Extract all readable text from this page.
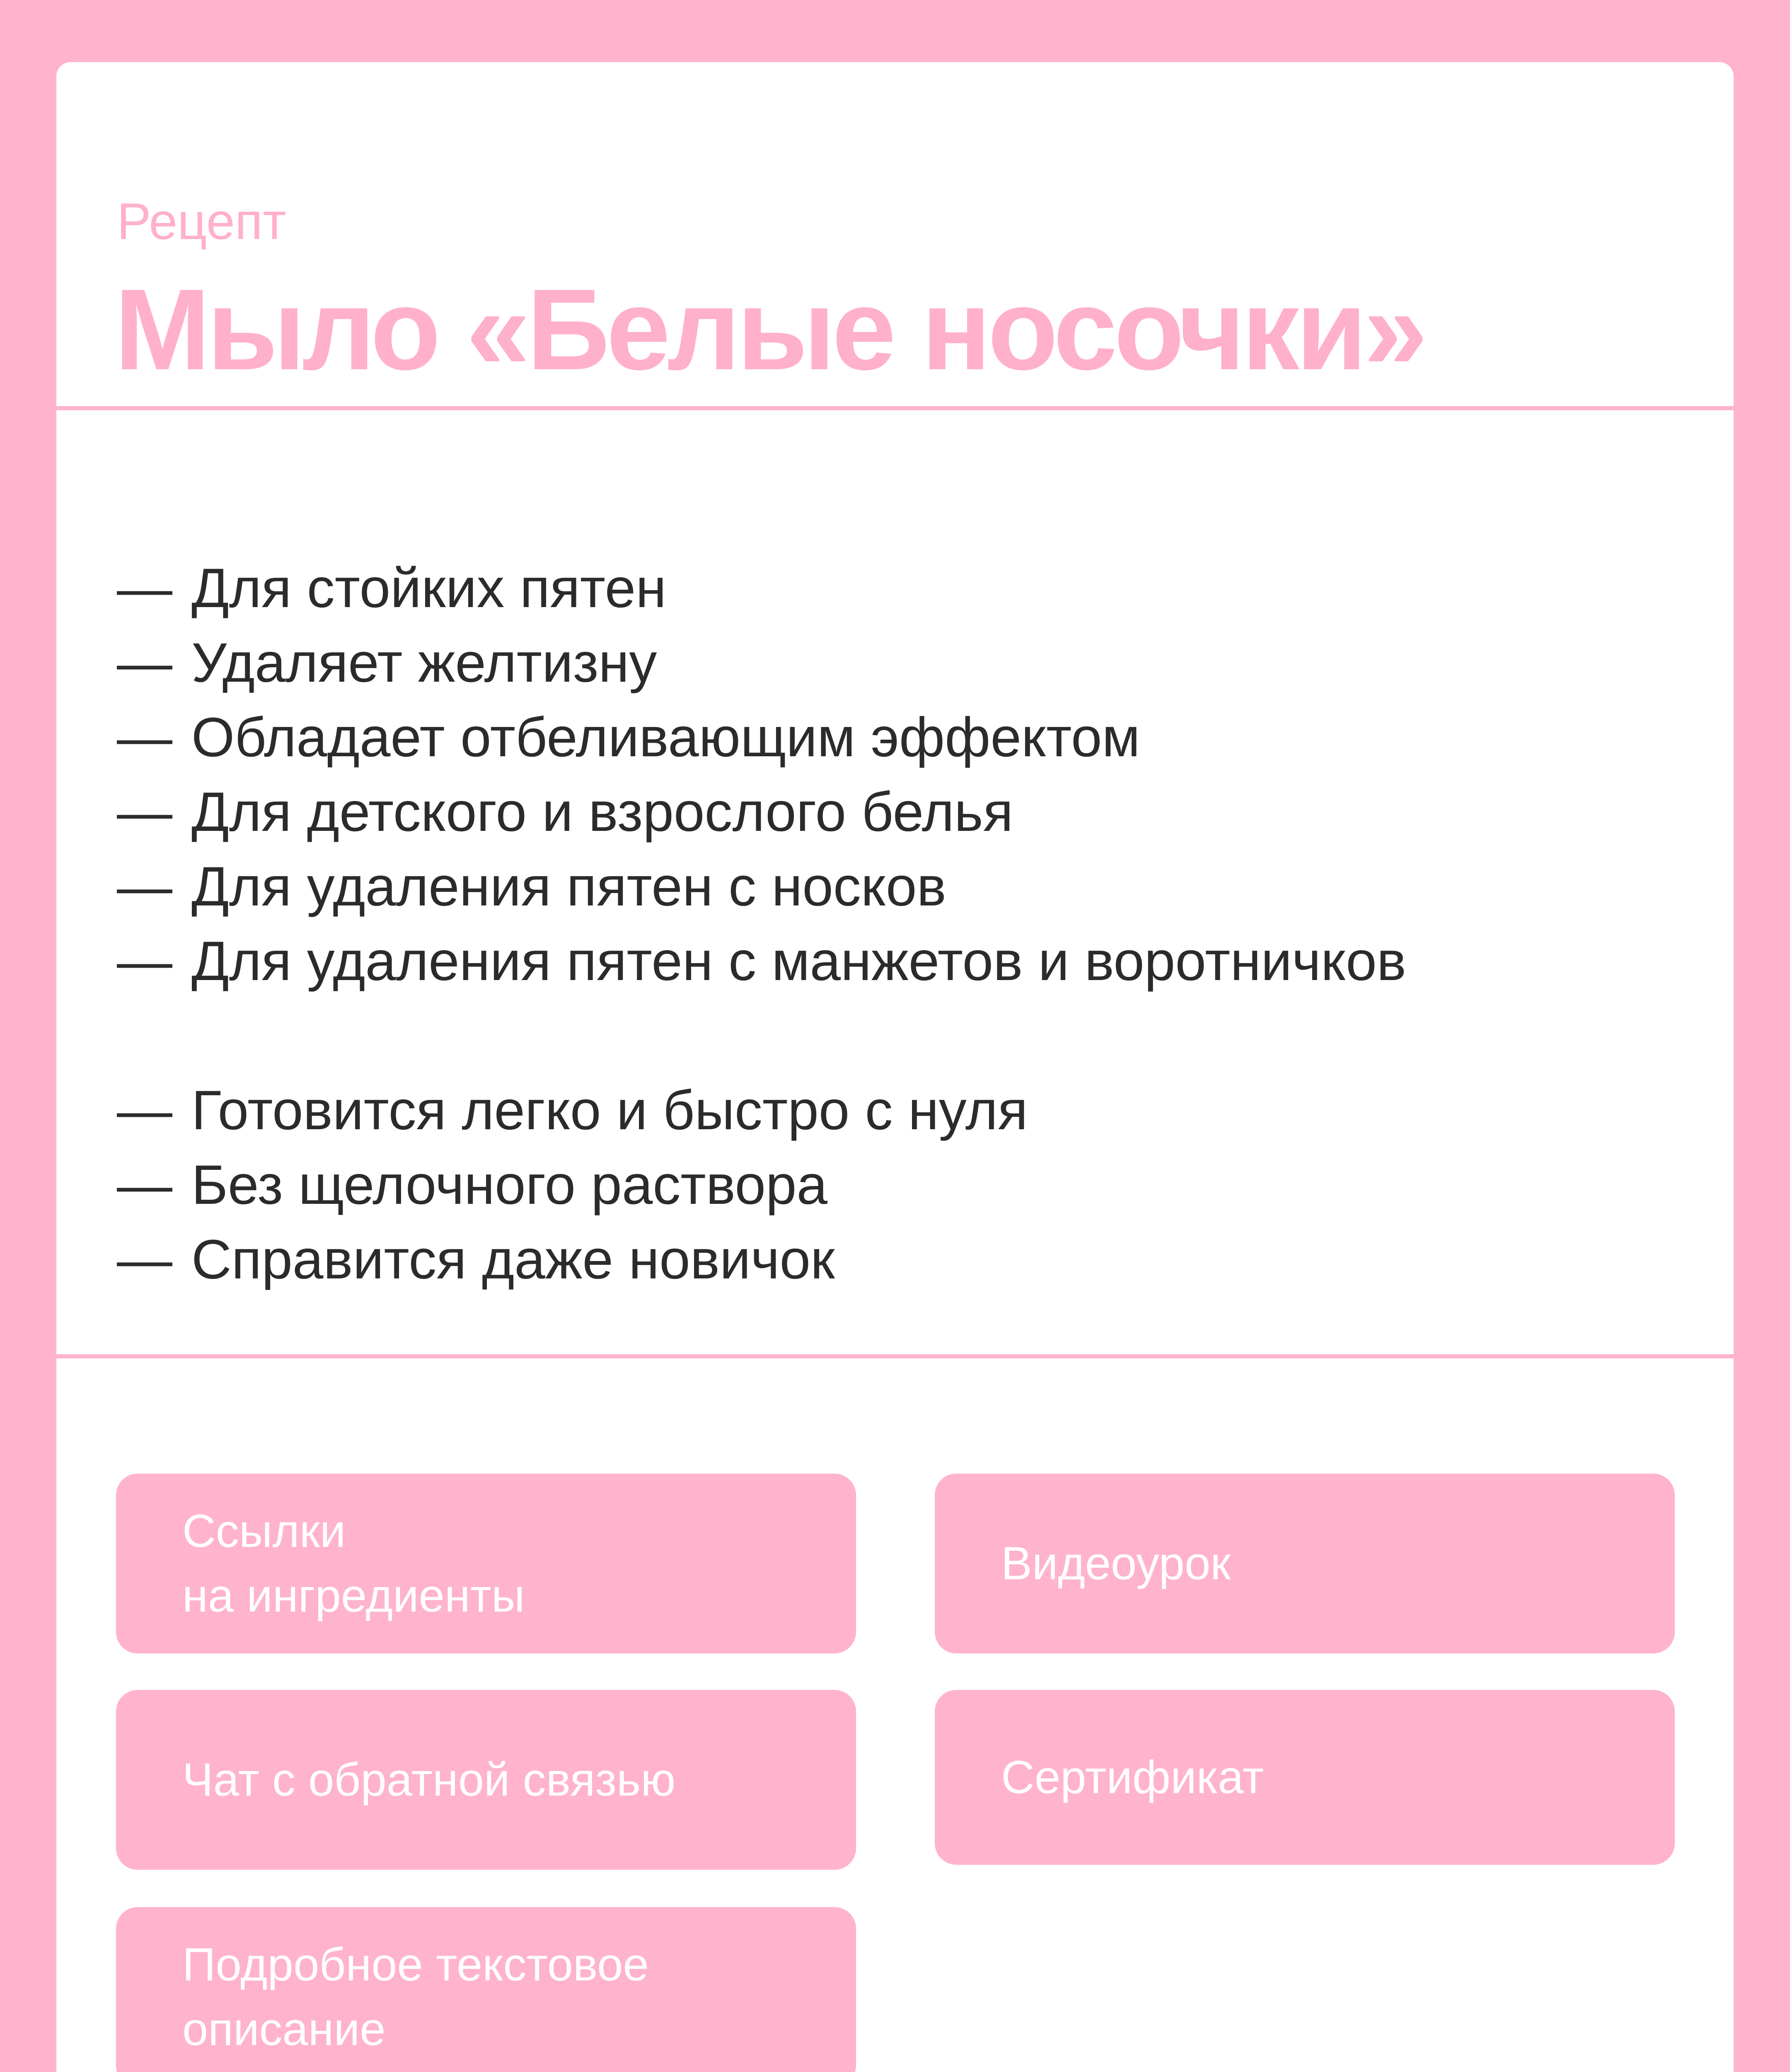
Рецепт
Мыло «Белые носочки»
— Для стойких пятен
— Удаляет желтизну
— Обладает отбеливающим эффектом
— Для детского и взрослого белья
— Для удаления пятен с носков
— Для удаления пятен с манжетов и воротничков
— Готовится легко и быстро с нуля
— Без щелочного раствора
— Справится даже новичок
Ссылки
на ингредиенты
Видеоурок
Чат с обратной связью	Сертификат
Подробное текстовое
описание
